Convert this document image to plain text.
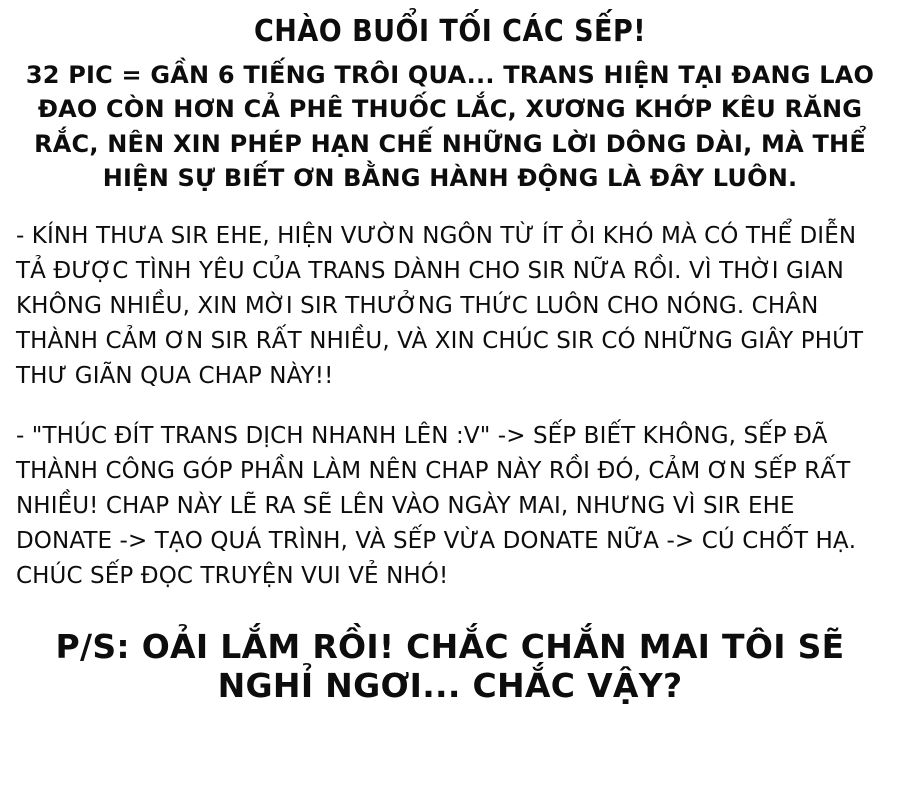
CHÀO BUỔI TỐI CÁC SẾP!
32 PIC = GẦN 6 TIẾNG TRÔI QUA... TRANS HIỆN TẠI ĐANG LAO ĐAO CÒN HƠN CẢ PHÊ THUỐC LẮC, XƯƠNG KHỚP KÊU RĂNG RẮC, NÊN XIN PHÉP HẠN CHẾ NHỮNG LỜI DÔNG DÀI, MÀ THỂ HIỆN SỰ BIẾT ƠN BẰNG HÀNH ĐỘNG LÀ ĐÂY LUÔN.
- KÍNH THƯA SIR EHE, HIỆN VƯỜN NGÔN TỪ ÍT ỎI KHÓ MÀ CÓ THỂ DIỄN TẢ ĐƯỢC TÌNH YÊU CỦA TRANS DÀNH CHO SIR NỮA RỒI. VÌ THỜI GIAN KHÔNG NHIỀU, XIN MỜI SIR THƯỞNG THỨC LUÔN CHO NÓNG. CHÂN THÀNH CẢM ƠN SIR RẤT NHIỀU, VÀ XIN CHÚC SIR CÓ NHỮNG GIÂY PHÚT THƯ GIÃN QUA CHAP NÀY!!
- "THÚC ĐÍT TRANS DỊCH NHANH LÊN :V" -> SẾP BIẾT KHÔNG, SẾP ĐÃ THÀNH CÔNG GÓP PHẦN LÀM NÊN CHAP NÀY RỒI ĐÓ, CẢM ƠN SẾP RẤT NHIỀU! CHAP NÀY LẼ RA SẼ LÊN VÀO NGÀY MAI, NHƯNG VÌ SIR EHE DONATE -> TẠO QUÁ TRÌNH, VÀ SẾP VỪA DONATE NỮA -> CÚ CHỐT HẠ. CHÚC SẾP ĐỌC TRUYỆN VUI VẺ NHÓ!
P/S: OẢI LẮM RỒI! CHẮC CHẮN MAI TÔI SẼ NGHỈ NGƠI... CHẮC VẬY?
